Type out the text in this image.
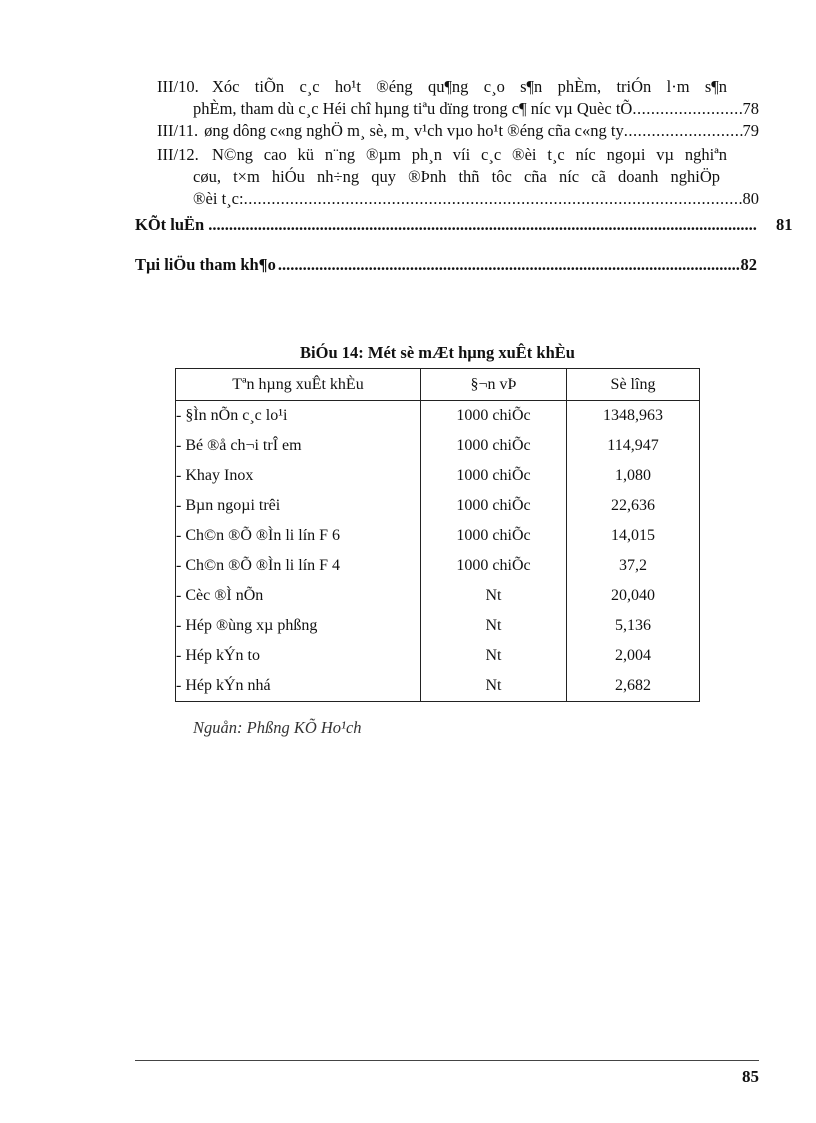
III/10. Xóc tiÕn c¸c ho¹t ®éng qu¶ng c¸o s¶n phÈm, triÓn l·m s¶n
phÈm, tham dù c¸c Héi chî hµng tiªu dïng trong c¶ níc vµ Quèc tÕ .....	78
III/11. øng dông c«ng nghÖ m¸ sè, m¸ v¹ch vµo ho¹t ®éng cña c«ng ty .....	79
III/12. N©ng cao kü n¨ng ®µm ph¸n víi c¸c ®èi t¸c níc ngoµi vµ nghiªn
cøu, t×m hiÓu nh÷ng quy ®Þnh thñ tôc cña níc cã doanh nghiÖp
®èi t¸c: .....	80
KÕt luËn .....	81
Tµi liÖu tham kh¶o .....	82
BiÓu 14: Mét sè mÆt hµng xuÊt khÈu
Tªn hµng xuÊt khÈu	§¬n vÞ	Sè lîng
- §Ìn nÕn c¸c lo¹i	1000 chiÕc	1348,963
- Bé ®å ch¬i trÎ em	1000 chiÕc	114,947
- Khay Inox	1000 chiÕc	1,080
- Bµn ngoµi trêi	1000 chiÕc	22,636
- Ch©n ®Õ ®Ìn li lín F 6	1000 chiÕc	14,015
- Ch©n ®Õ ®Ìn li lín F 4	1000 chiÕc	37,2
- Cèc ®Ì nÕn	Nt	20,040
- Hép ®ùng xµ phßng	Nt	5,136
- Hép kÝn to	Nt	2,004
- Hép kÝn nhá	Nt	2,682
Nguån: Phßng KÕ Ho¹ch
85
